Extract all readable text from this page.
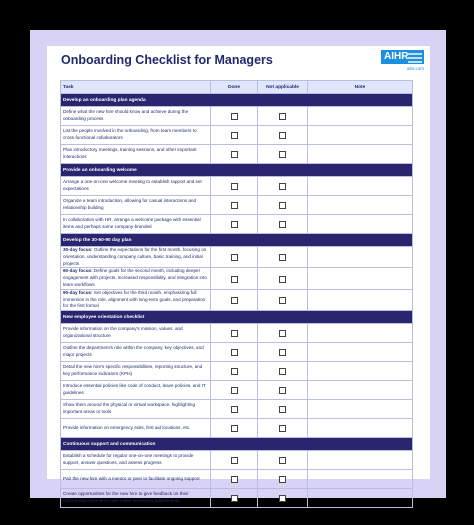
Onboarding Checklist for Managers	AIHR
aihr.com
Task	Done	Not applicable	Note
Develop an onboarding plan agenda			
Define what the new hire should know and achieve during the onboarding process			
List the people involved in the onboarding, from team members to cross-functional collaborators			
Plan introductory meetings, training sessions, and other important interactions			
Provide an onboarding welcome			
Arrange a one-on-one welcome meeting to establish rapport and set expectations			
Organize a team introduction, allowing for casual interactions and relationship building			
In collaboration with HR, arrange a welcome package with essential items and perhaps some company-branded			
Develop the 30-60-90 day plan			
30-day focus: Outline the expectations for the first month, focusing on orientation, understanding company culture, basic training, and initial projects			
60-day focus: Define goals for the second month, including deeper engagement with projects, increased responsibility, and integration into team workflows			
90-day focus: Set objectives for the third month, emphasizing full immersion in the role, alignment with long-term goals, and preparation for the first formal			
New employee orientation checklist			
Provide information on the company's mission, values, and organizational structure			
Outline the department's role within the company, key objectives, and major projects			
Detail the new hire's specific responsibilities, reporting structure, and key performance indicators (KPIs)			
Introduce essential policies like code of conduct, leave policies, and IT guidelines			
Show them around the physical or virtual workspace, highlighting important areas or tools			
Provide information on emergency exits, first aid locations, etc.			
Continuous support and communication			
Establish a schedule for regular one-on-one meetings to provide support, answer questions, and assess progress			
Pair the new hire with a mentor or peer to facilitate ongoing support			
Create opportunities for the new hire to give feedback on their onboarding experience and make necessary adjustments			
